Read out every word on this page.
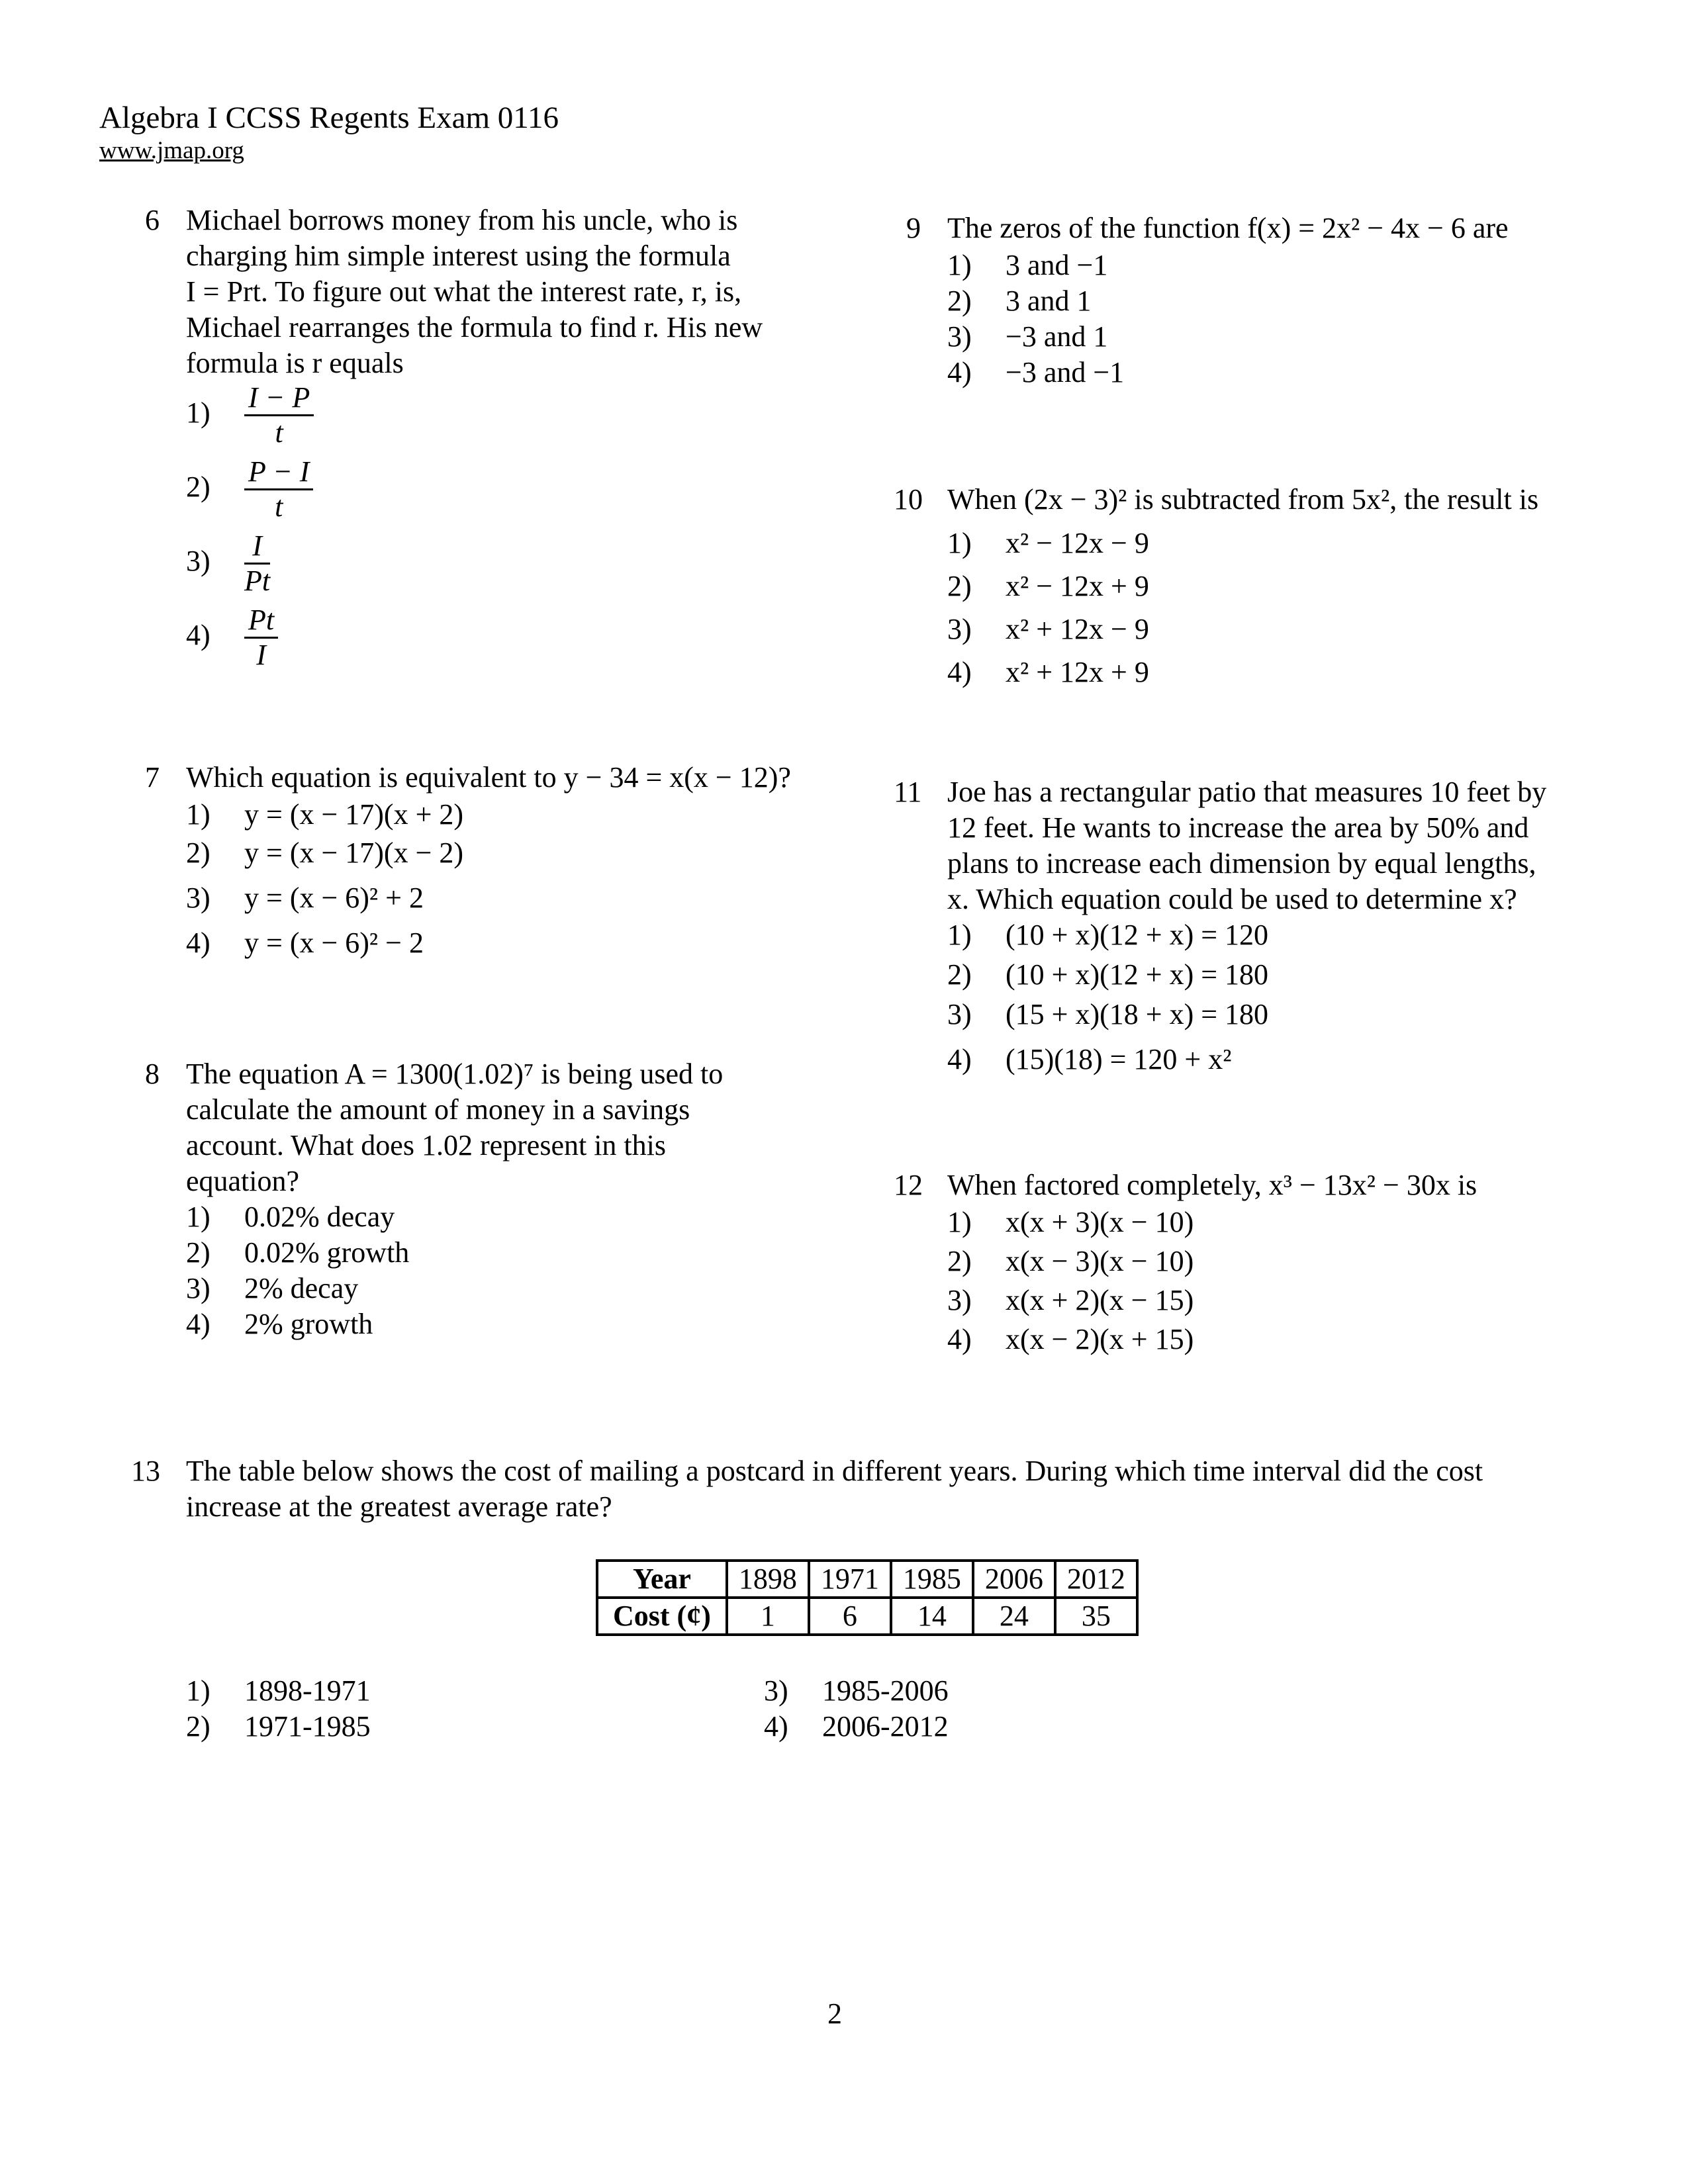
Algebra I CCSS Regents Exam 0116
www.jmap.org
6 Michael borrows money from his uncle, who is
charging him simple interest using the formula
I = Prt. To figure out what the interest rate, r, is,
Michael rearranges the formula to find r. His new
formula is r equals
$1) \frac{I - P}{t}$
$2) \frac{P - I}{t}$
$3) \frac{I}{Pt}$
$4) \frac{Pt}{I}$
7 Which equation is equivalent to y − 34 = x(x − 12)?
1) y = (x − 17)(x + 2)
2) y = (x − 17)(x − 2)
3) y = (x − 6)² + 2
4) y = (x − 6)² − 2
8 The equation A = 1300(1.02)⁷ is being used to
calculate the amount of money in a savings
account. What does 1.02 represent in this
equation?
1) 0.02% decay
2) 0.02% growth
3) 2% decay
4) 2% growth
9 The zeros of the function f(x) = 2x² − 4x − 6 are
1) 3 and −1
2) 3 and 1
3) −3 and 1
4) −3 and −1
10 When (2x − 3)² is subtracted from 5x², the result is
1) x² − 12x − 9
2) x² − 12x + 9
3) x² + 12x − 9
4) x² + 12x + 9
11 Joe has a rectangular patio that measures 10 feet by
12 feet. He wants to increase the area by 50% and
plans to increase each dimension by equal lengths,
x. Which equation could be used to determine x?
1) (10 + x)(12 + x) = 120
2) (10 + x)(12 + x) = 180
3) (15 + x)(18 + x) = 180
4) (15)(18) = 120 + x²
12 When factored completely, x³ − 13x² − 30x is
1) x(x + 3)(x − 10)
2) x(x − 3)(x − 10)
3) x(x + 2)(x − 15)
4) x(x − 2)(x + 15)
13 The table below shows the cost of mailing a postcard in different years. During which time interval did the cost
increase at the greatest average rate?
Year	1898	1971	1985	2006	2012
Cost (¢)	1	6	14	24	35
1) 1898-1971
2) 1971-1985
3) 1985-2006
4) 2006-2012
2
